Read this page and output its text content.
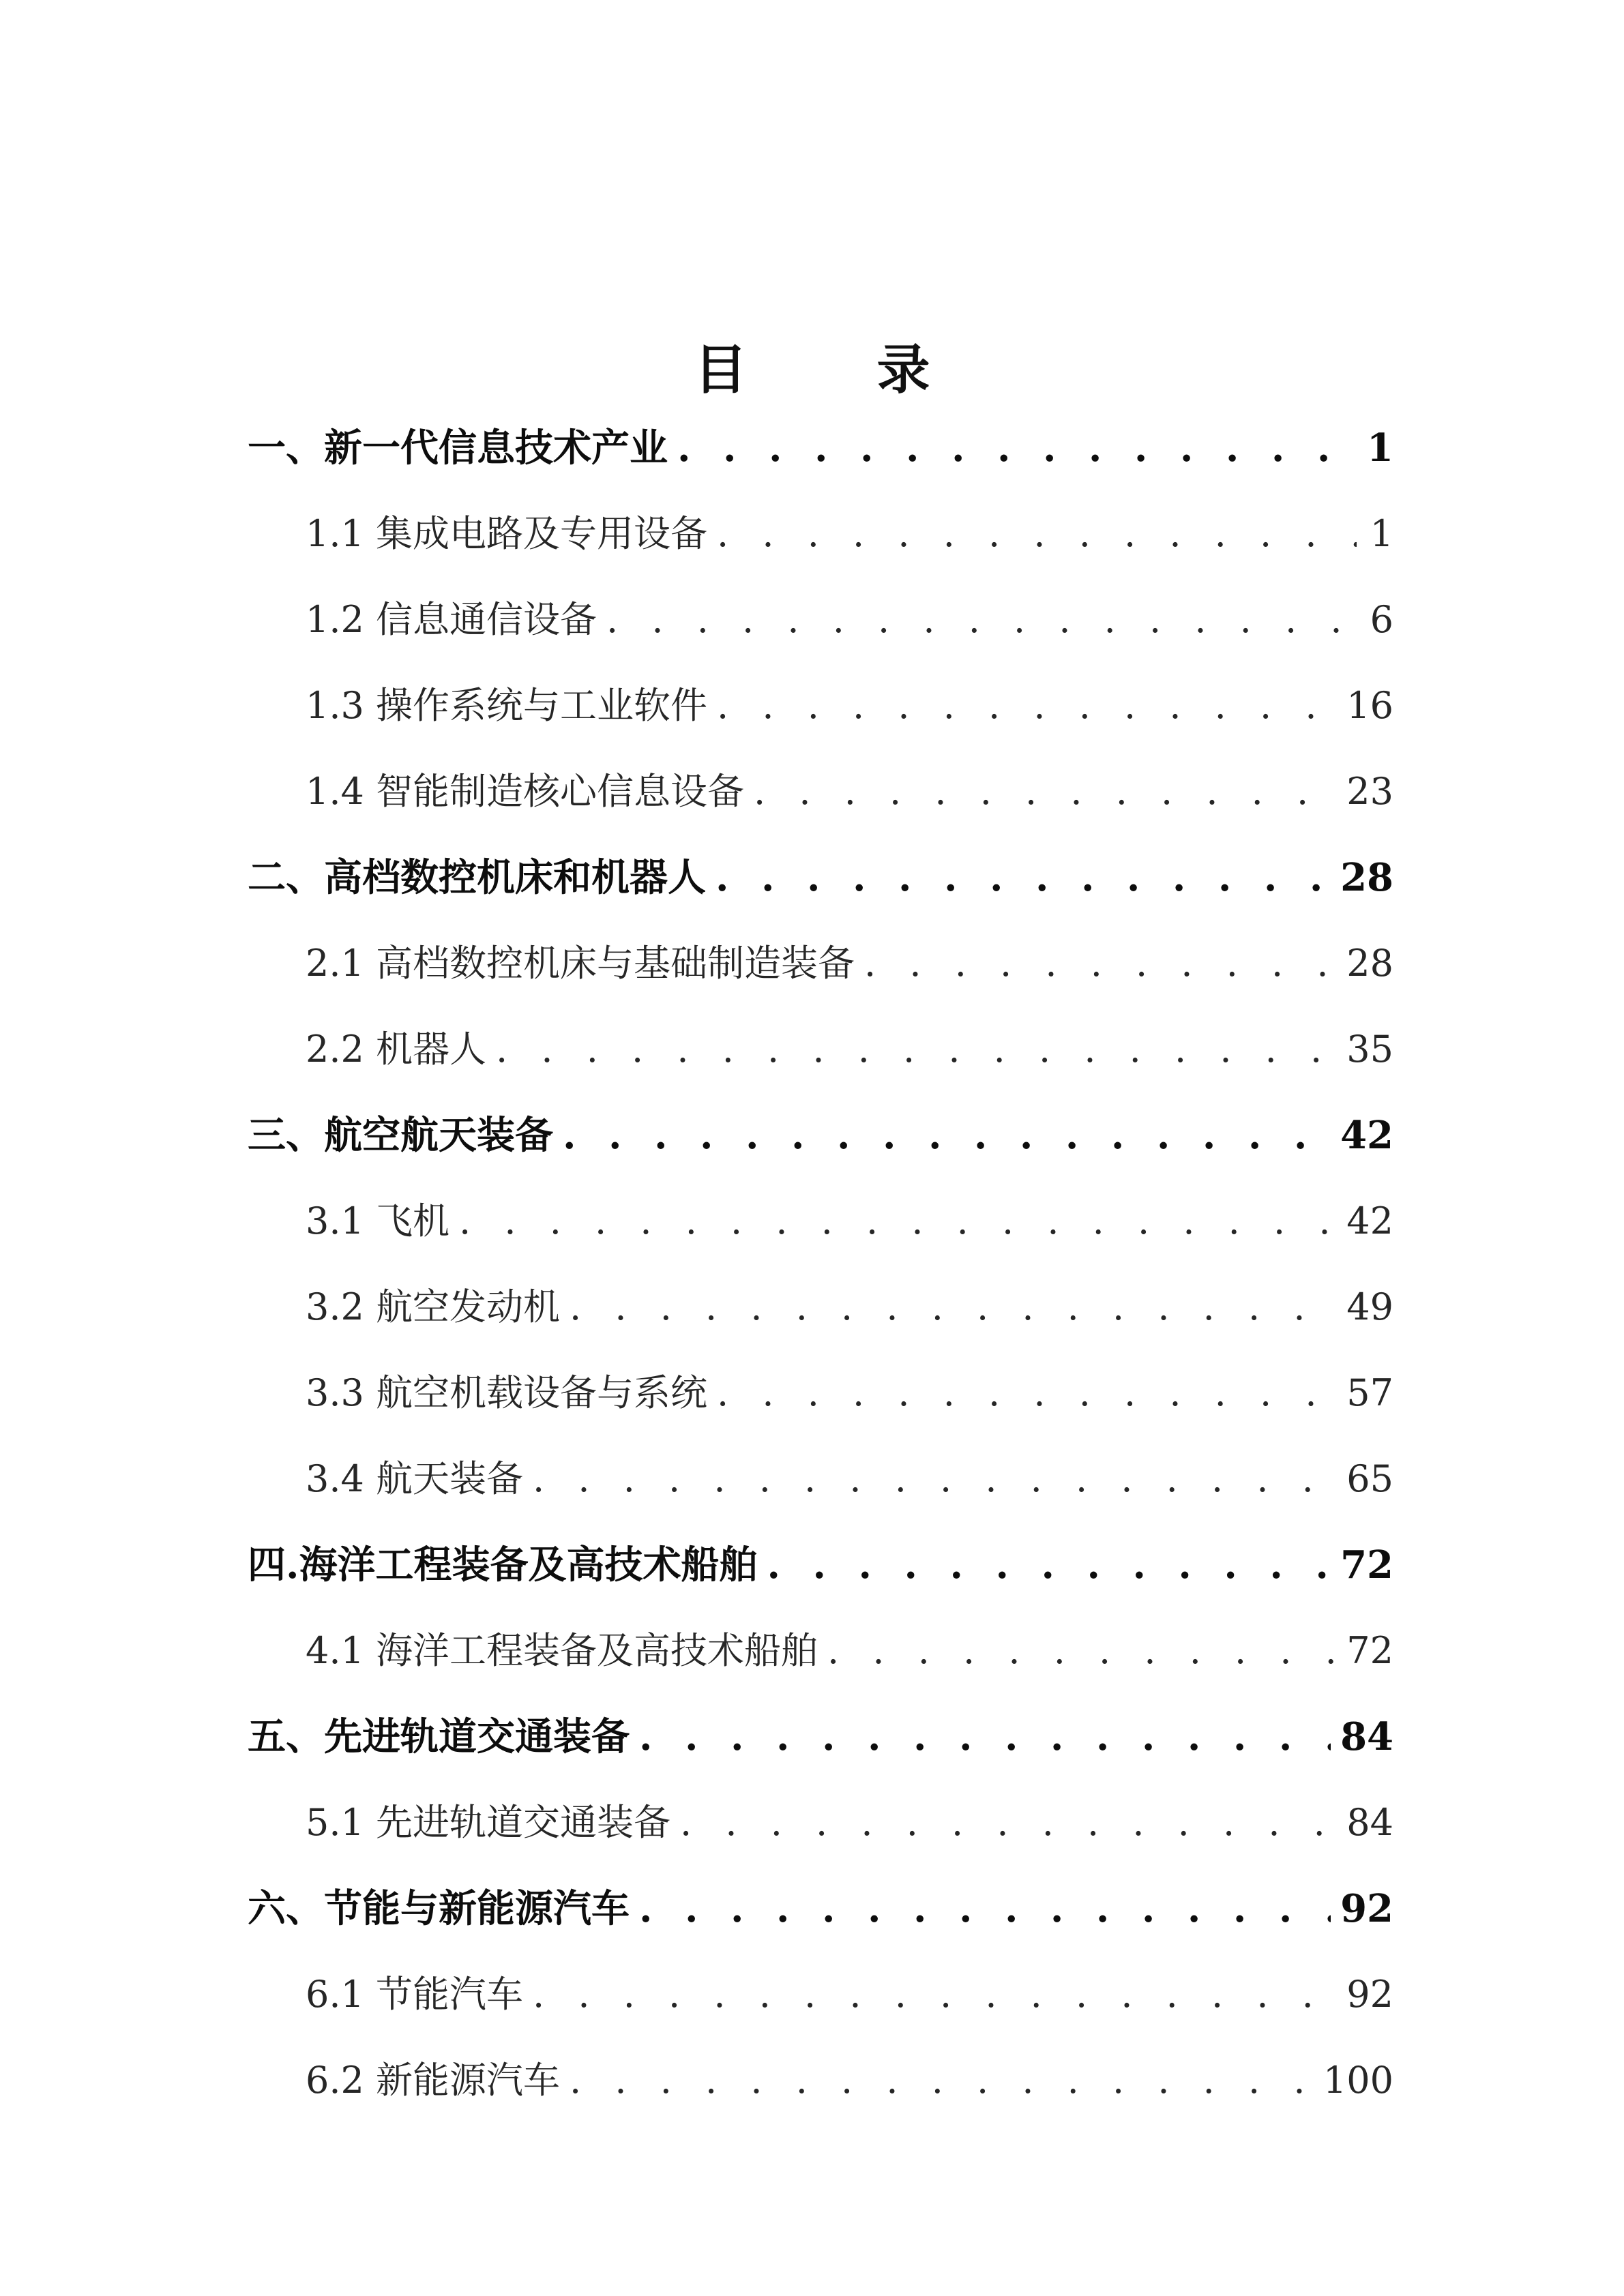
目 录
一、新一代信息技术产业 . . .	1
1.1 集成电路及专用设备 . . .	1
1.2 信息通信设备 . . .	6
1.3 操作系统与工业软件 . . .	16
1.4 智能制造核心信息设备 . . .	23
二、高档数控机床和机器人 . . .	28
2.1 高档数控机床与基础制造装备 . . .	28
2.2 机器人 . . .	35
三、航空航天装备 . . .	42
3.1 飞机 . . .	42
3.2 航空发动机 . . .	49
3.3 航空机载设备与系统 . . .	57
3.4 航天装备 . . .	65
四.海洋工程装备及高技术船舶 . . .	72
4.1 海洋工程装备及高技术船舶 . . .	72
五、先进轨道交通装备 . . .	84
5.1 先进轨道交通装备 . . .	84
六、节能与新能源汽车 . . .	92
6.1 节能汽车 . . .	92
6.2 新能源汽车 . . .	100
